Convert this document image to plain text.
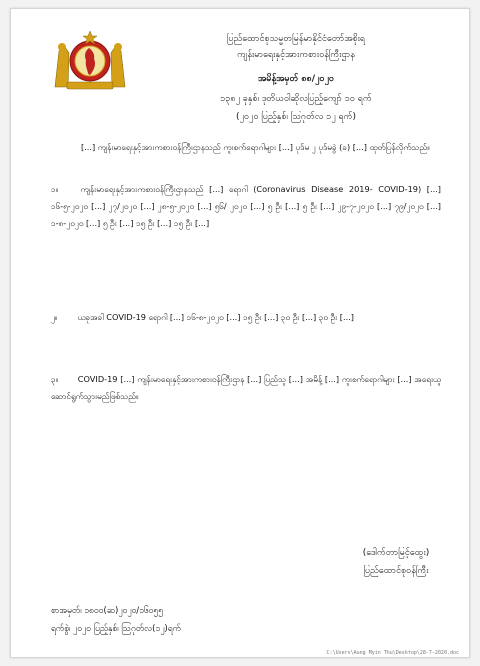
ပြည်ထောင်စုသမ္မတမြန်မာနိုင်ငံတော်အစိုးရ
ကျန်းမာရေးနှင့်အားကစားဝန်ကြီးဌာန
အမိန့်အမှတ် ၈၈/၂၀၂၀
၁၃၈၂ ခုနှစ်၊ ဒုတိယဝါဆိုလပြည့်ကျော် ၁၀ ရက်
(၂၀၂၀ ပြည့်နှစ်၊ ဩဂုတ်လ ၁၂ ရက်)
[...] ကျန်းမာရေးနှင့်အားကစားဝန်ကြီးဌာနသည် ကူးစက်ရောဂါများ [...] ပုဒ်မ ၂ ပုဒ်မခွဲ (ခ) [...] ထုတ်ပြန်လိုက်သည်။
၁။	ကျန်းမာရေးနှင့်အားကစားဝန်ကြီးဌာနသည် [...] ရောဂါ (Coronavirus Disease 2019- COVID-19) [...] ၁၆-၅-၂၀၂၀ [...] ၂၇/၂၀၂၀ [...] ၂၈-၅-၂၀၂၀ [...] ၅၆/ ၂၀၂၀ [...] ၅ ဦး [...] ၅ ဦး [...] ၂၉-၇-၂၀၂၀ [...] ၇၉/၂၀၂၀ [...] ၁-၈-၂၀၂၀ [...] ၅ ဦး [...] ၁၅ ဦး [...] ၁၅ ဦး [...]
၂။ ယခုအခါ COVID-19 ရောဂါ [...] ၁၆-၈-၂၀၂၀ [...] ၁၅ ဦး [...] ၃၀ ဦး [...] ၃၀ ဦး [...]
၃။ COVID-19 [...] ကျန်းမာရေးနှင့်အားကစားဝန်ကြီးဌာန [...] ပြည်သူ [...] အမိန့် [...] ကူးစက်ရောဂါများ [...] အရေးယူဆောင်ရွက်သွားမည်ဖြစ်သည်။
(ဒေါက်တာမြင့်ထွေး)
ပြည်ထောင်စုဝန်ကြီး
စာအမှတ်၊ ၁၈၀၀(ဆ)၂၀၂၀/၁၆၀၅၅
ရက်စွဲ၊ ၂၀၂၀ ပြည့်နှစ်၊ ဩဂုတ်လ(၁၂)ရက်
C:\Users\Aung Myin Thu\Desktop\28-7-2020.doc
